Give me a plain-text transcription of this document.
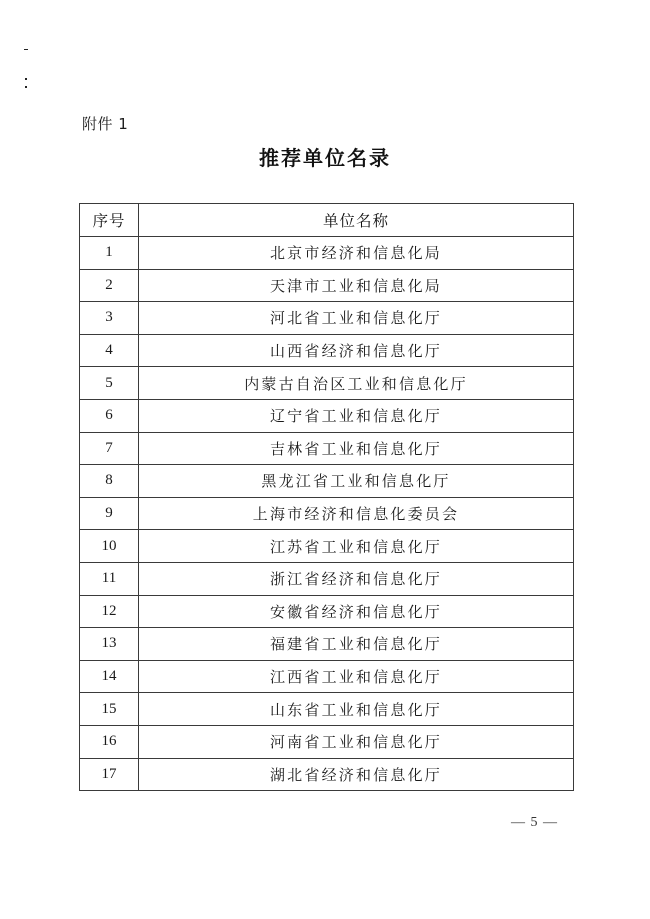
附件 1
推荐单位名录
序号	单位名称
1	北京市经济和信息化局
2	天津市工业和信息化局
3	河北省工业和信息化厅
4	山西省经济和信息化厅
5	内蒙古自治区工业和信息化厅
6	辽宁省工业和信息化厅
7	吉林省工业和信息化厅
8	黑龙江省工业和信息化厅
9	上海市经济和信息化委员会
10	江苏省工业和信息化厅
11	浙江省经济和信息化厅
12	安徽省经济和信息化厅
13	福建省工业和信息化厅
14	江西省工业和信息化厅
15	山东省工业和信息化厅
16	河南省工业和信息化厅
17	湖北省经济和信息化厅
— 5 —
